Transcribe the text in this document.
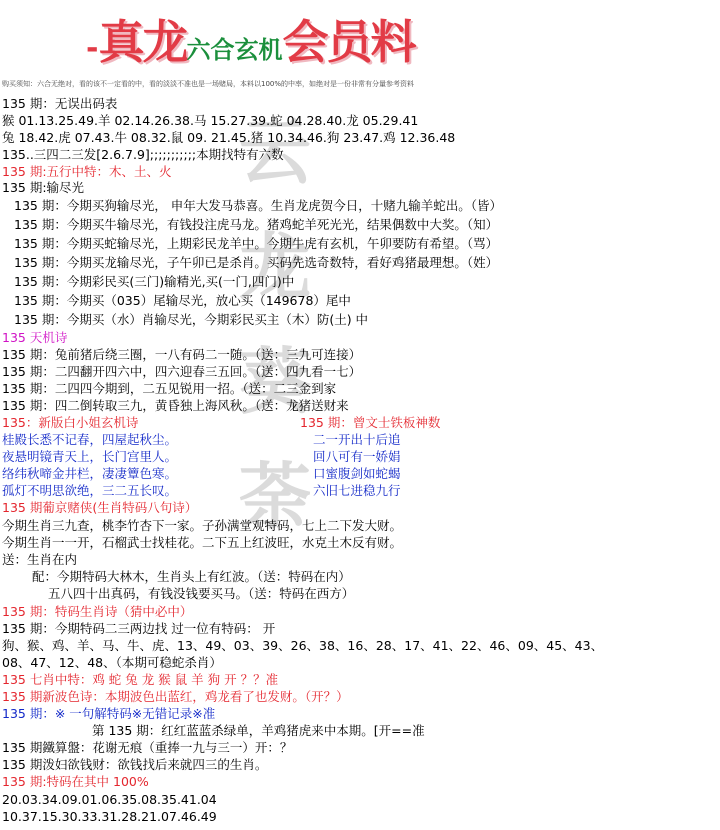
-真龙六合玄机会员料
购买须知：六合无绝对，看的该不一定看的中，看的淡淡不准也是一场赌局，本料以100%的中率，如绝对是一份非常有分量参考资料
云龙葵荼
135 期：无误出码表
猴 01.13.25.49.羊 02.14.26.38.马 15.27.39.蛇 04.28.40.龙 05.29.41
兔 18.42.虎 07.43.牛 08.32.鼠 09. 21.45.猪 10.34.46.狗 23.47.鸡 12.36.48
135..三四二三发[2.6.7.9];;;;;;;;;;;本期找特有六数
135 期:五行中特：木、土、火
135 期:输尽光
135 期：今期买狗输尽光， 申年大发马恭喜。生肖龙虎贺今日，十赌九输羊蛇出。（皆）
135 期：今期买牛输尽光，有钱投注虎马龙。猪鸡蛇羊死光光，结果偶数中大奖。（知）
135 期：今期买蛇输尽光，上期彩民龙羊中。今期牛虎有玄机，午卯要防有希望。（骂）
135 期：今期买龙输尽光，子午卯已是杀肖。买码先选奇数特，看好鸡猪最理想。（姓）
135 期：今期彩民买(三门)输精光,买(一门,四门)中
135 期：今期买（035）尾输尽光，放心买（149678）尾中
135 期：今期买（水）肖输尽光，今期彩民买主（木）防(土) 中
135 天机诗
135 期：兔前猪后绕三圈，一八有码二一随。（送：三九可连接）
135 期：二四翻开四六中，四六迎春三五回。（送：四九看一七）
135 期：二四四今期到，二五见锐用一招。（送：二三金到家
135 期：四二倒转取三九，黄昏独上海风秋。（送：龙猪送财来
135：新版白小姐玄机诗	135 期：曾文士铁板神数
桂殿长悉不记春，四屋起秋尘。	二一开出十后追
夜悬明镜青天上，长门宫里人。	回八可有一娇娟
络纬秋啼金井栏，凄凄簟色寒。	口蜜腹剑如蛇蝎
孤灯不明思欲绝，三二五长叹。	六旧七进稳九行
135 期葡京赌侠(生肖特码八句诗）
今期生肖三九查，桃李竹杏下一家。子孙满堂观特码，七上二下发大财。
今期生肖一一开，石榴武士找桂花。二下五上红波旺，水克土木反有财。
送：生肖在内
配：今期特码大林木，生肖头上有红波。（送：特码在内）
五八四十出真码，有钱没钱要买马。（送：特码在西方）
135 期：特码生肖诗（猜中必中）
135 期：今期特码二三两边找 过一位有特码： 开
狗、猴、鸡、羊、马、牛、虎、13、49、03、39、26、38、16、28、17、41、22、46、09、45、43、
08、47、12、48、（本期可稳蛇杀肖）
135 七肖中特：鸡 蛇 兔 龙 猴 鼠 羊 狗 开 ？？准
135 期新波色诗：本期波色出蓝红，鸡龙看了也发财。（开？）
135 期：※ 一句解特码※无错记录※准
第 135 期：红红蓝蓝杀绿单，羊鸡猪虎来中本期。[开==准
135 期鐵算盤：花谢无痕（重捧一九与三一）开：？
135 期泼妇欲钱财：欲钱找后来就四三的生肖。
135 期:特码在其中 100%
20.03.34.09.01.06.35.08.35.41.04
10.37.15.30.33.31.28.21.07.46.49
